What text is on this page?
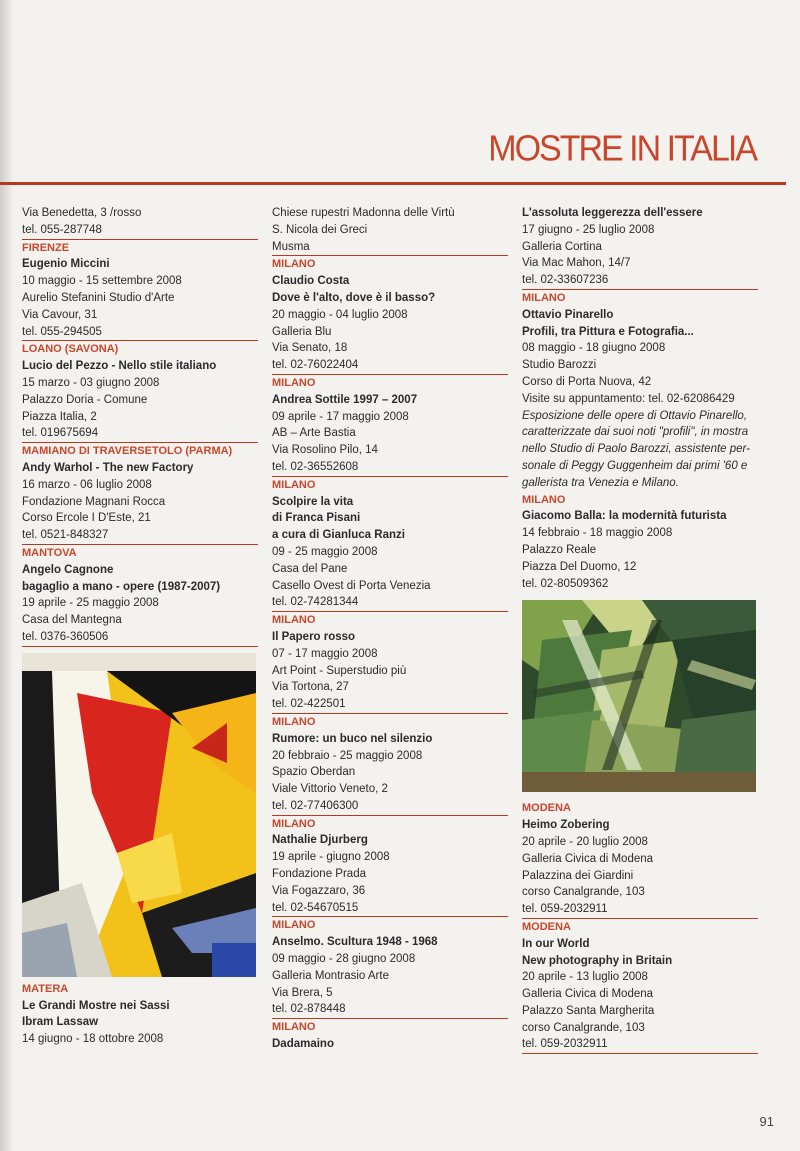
MOSTRE IN ITALIA
Via Benedetta, 3 /rosso
tel. 055-287748
FIRENZE
Eugenio Miccini
10 maggio - 15 settembre 2008
Aurelio Stefanini Studio d'Arte
Via Cavour, 31
tel. 055-294505
LOANO (SAVONA)
Lucio del Pezzo - Nello stile italiano
15 marzo - 03 giugno 2008
Palazzo Doria - Comune
Piazza Italia, 2
tel. 019675694
MAMIANO DI TRAVERSETOLO (PARMA)
Andy Warhol - The new Factory
16 marzo - 06 luglio 2008
Fondazione Magnani Rocca
Corso Ercole I D'Este, 21
tel. 0521-848327
MANTOVA
Angelo Cagnone
bagaglio a mano - opere (1987-2007)
19 aprile - 25 maggio 2008
Casa del Mantegna
tel. 0376-360506
MATERA
Le Grandi Mostre nei Sassi
Ibram Lassaw
14 giugno - 18 ottobre 2008
Chiese rupestri Madonna delle Virtù
S. Nicola dei Greci
Musma
MILANO
Claudio Costa
Dove è l'alto, dove è il basso?
20 maggio - 04 luglio 2008
Galleria Blu
Via Senato, 18
tel. 02-76022404
MILANO
Andrea Sottile 1997 – 2007
09 aprile - 17 maggio 2008
AB – Arte Bastia
Via Rosolino Pilo, 14
tel. 02-36552608
MILANO
Scolpire la vita
di Franca Pisani
a cura di Gianluca Ranzi
09 - 25 maggio 2008
Casa del Pane
Casello Ovest di Porta Venezia
tel. 02-74281344
MILANO
Il Papero rosso
07 - 17 maggio 2008
Art Point - Superstudio più
Via Tortona, 27
tel. 02-422501
MILANO
Rumore: un buco nel silenzio
20 febbraio - 25 maggio 2008
Spazio Oberdan
Viale Vittorio Veneto, 2
tel. 02-77406300
MILANO
Nathalie Djurberg
19 aprile - giugno 2008
Fondazione Prada
Via Fogazzaro, 36
tel. 02-54670515
MILANO
Anselmo. Scultura 1948 - 1968
09 maggio - 28 giugno 2008
Galleria Montrasio Arte
Via Brera, 5
tel. 02-878448
MILANO
Dadamaino
L'assoluta leggerezza dell'essere
17 giugno - 25 luglio 2008
Galleria Cortina
Via Mac Mahon, 14/7
tel. 02-33607236
MILANO
Ottavio Pinarello
Profili, tra Pittura e Fotografia...
08 maggio - 18 giugno 2008
Studio Barozzi
Corso di Porta Nuova, 42
Visite su appuntamento: tel. 02-62086429
Esposizione delle opere di Ottavio Pinarello,
caratterizzate dai suoi noti "profili", in mostra
nello Studio di Paolo Barozzi, assistente per-
sonale di Peggy Guggenheim dai primi '60 e
gallerista tra Venezia e Milano.
MILANO
Giacomo Balla: la modernità futurista
14 febbraio - 18 maggio 2008
Palazzo Reale
Piazza Del Duomo, 12
tel. 02-80509362
MODENA
Heimo Zobering
20 aprile - 20 luglio 2008
Galleria Civica di Modena
Palazzina dei Giardini
corso Canalgrande, 103
tel. 059-2032911
MODENA
In our World
New photography in Britain
20 aprile - 13 luglio 2008
Galleria Civica di Modena
Palazzo Santa Margherita
corso Canalgrande, 103
tel. 059-2032911
91
